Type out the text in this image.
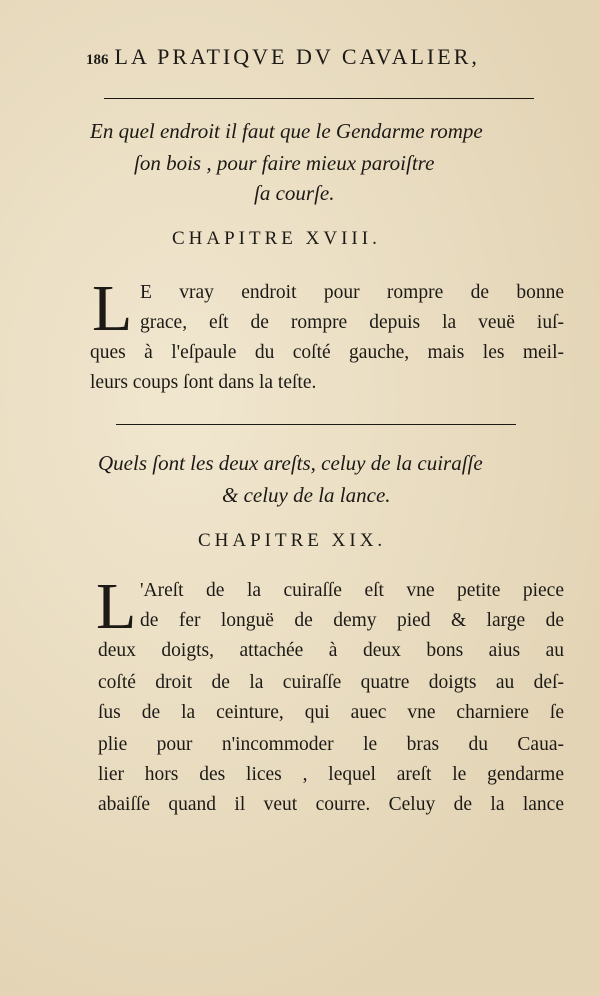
186 LA PRATIQVE DV CAVALIER,
En quel endroit il faut que le Gendarme rompe
ſon bois , pour faire mieux paroiſtre
ſa courſe.
CHAPITRE XVIII.
L E vray endroit pour rompre de bonne
grace, eſt de rompre depuis la veuë iuſ-
ques à l'eſpaule du coſté gauche, mais les meil-
leurs coups ſont dans la teſte.
Quels ſont les deux areſts, celuy de la cuiraſſe
& celuy de la lance.
CHAPITRE XIX.
L 'Areſt de la cuiraſſe eſt vne petite piece
de fer longuë de demy pied & large de
deux doigts, attachée à deux bons aius au
coſté droit de la cuiraſſe quatre doigts au deſ-
ſus de la ceinture, qui auec vne charniere ſe
plie pour n'incommoder le bras du Caua-
lier hors des lices , lequel areſt le gendarme
abaiſſe quand il veut courre. Celuy de la lance
